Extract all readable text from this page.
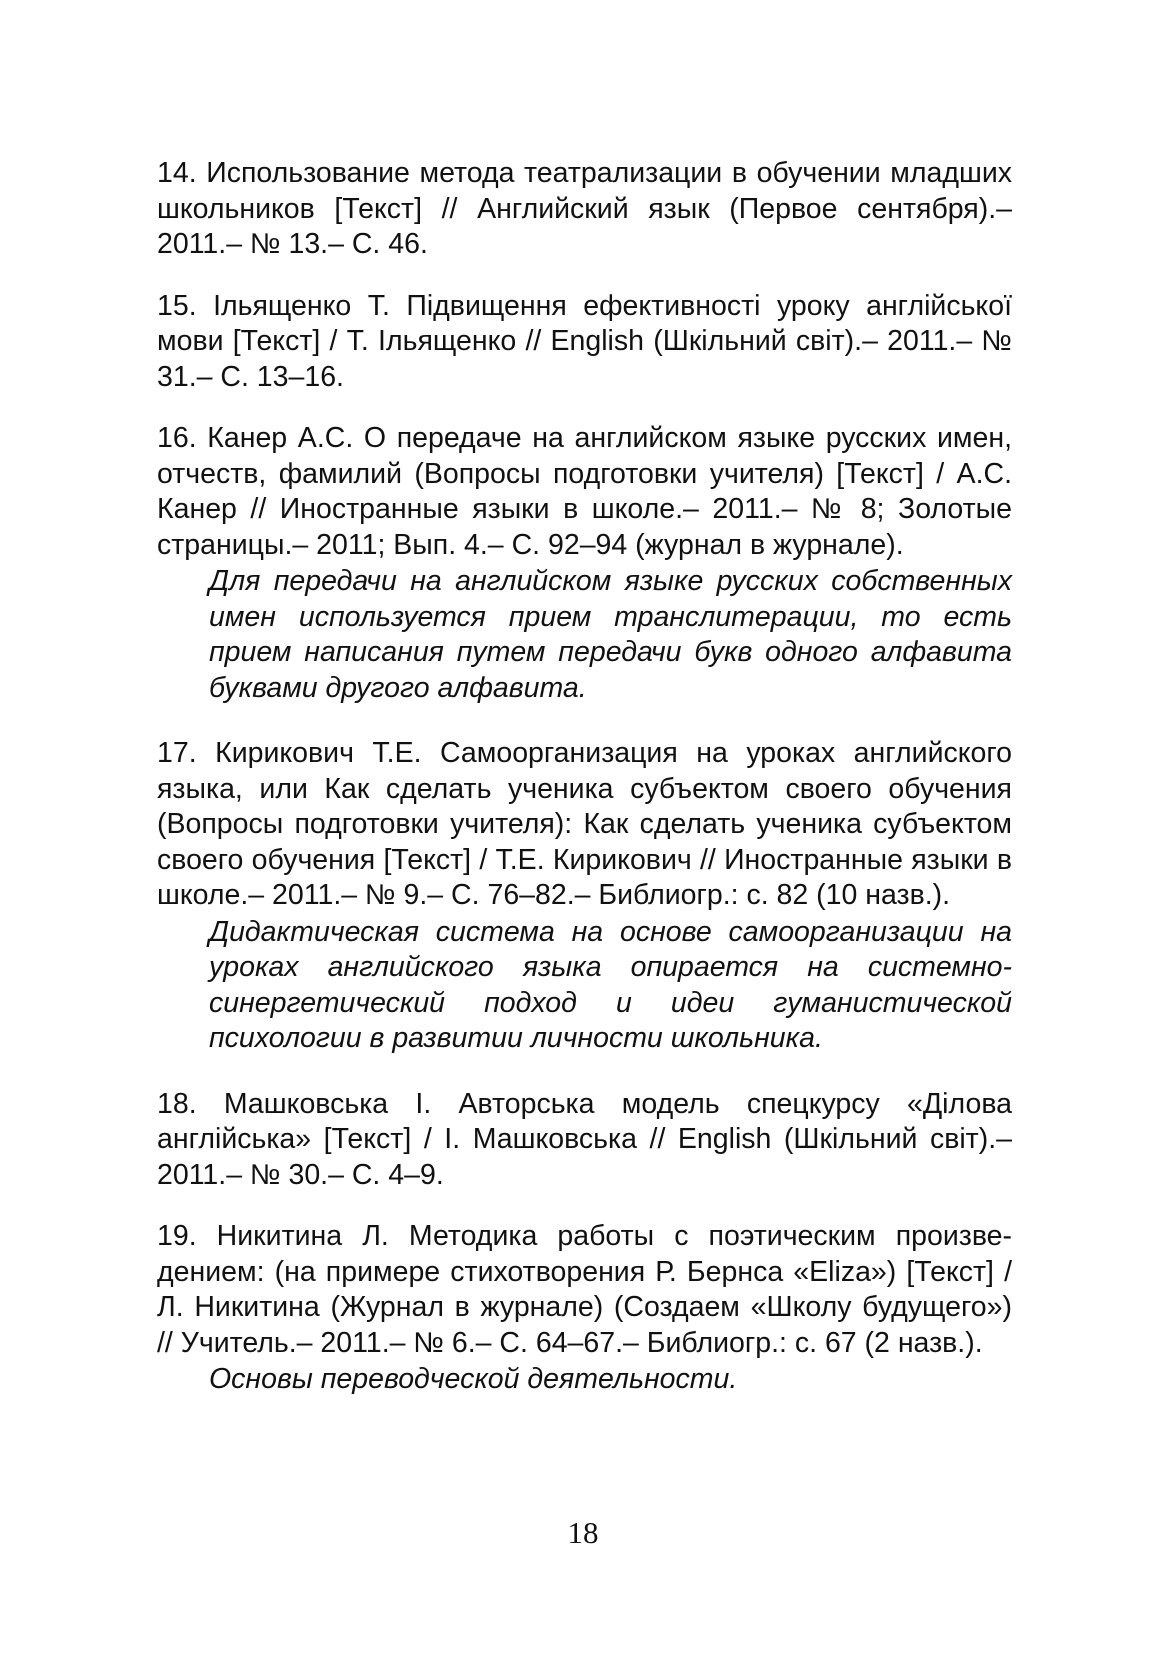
14. Использование метода театрализации в обучении младших школьников [Текст] // Английский язык (Первое сентября).– 2011.– № 13.– С. 46.

15. Ільященко Т. Підвищення ефективності уроку англійської мови [Текст] / Т. Ільященко // English (Шкільний світ).– 2011.– № 31.– С. 13–16.

16. Канер А.С. О передаче на английском языке русских имен, отчеств, фамилий (Вопросы подготовки учителя) [Текст] / А.С. Канер // Иностранные языки в школе.– 2011.– № 8; Золотые страницы.– 2011; Вып. 4.– С. 92–94 (журнал в журнале).

Для передачи на английском языке русских собственных имен используется прием транслитерации, то есть прием написания путем передачи букв одного алфавита буквами другого алфавита.

17. Кирикович Т.Е. Самоорганизация на уроках английского языка, или Как сделать ученика субъектом своего обучения (Вопросы подготовки учителя): Как сделать ученика субъектом своего обучения [Текст] / Т.Е. Кирикович // Иностранные языки в школе.– 2011.– № 9.– С. 76–82.– Библиогр.: с. 82 (10 назв.).

Дидактическая система на основе самоорганизации на уроках английского языка опирается на системно-синергетический подход и идеи гуманистической психологии в развитии личности школьника.

18. Машковська І. Авторська модель спецкурсу «Ділова англійська» [Текст] / І. Машковська // English (Шкільний світ).– 2011.– № 30.– С. 4–9.

19. Никитина Л. Методика работы с поэтическим произведением: (на примере стихотворения Р. Бернса «Eliza») [Текст] / Л. Никитина (Журнал в журнале) (Создаем «Школу будущего») // Учитель.– 2011.– № 6.– С. 64–67.– Библиогр.: с. 67 (2 назв.).

Основы переводческой деятельности.

18
